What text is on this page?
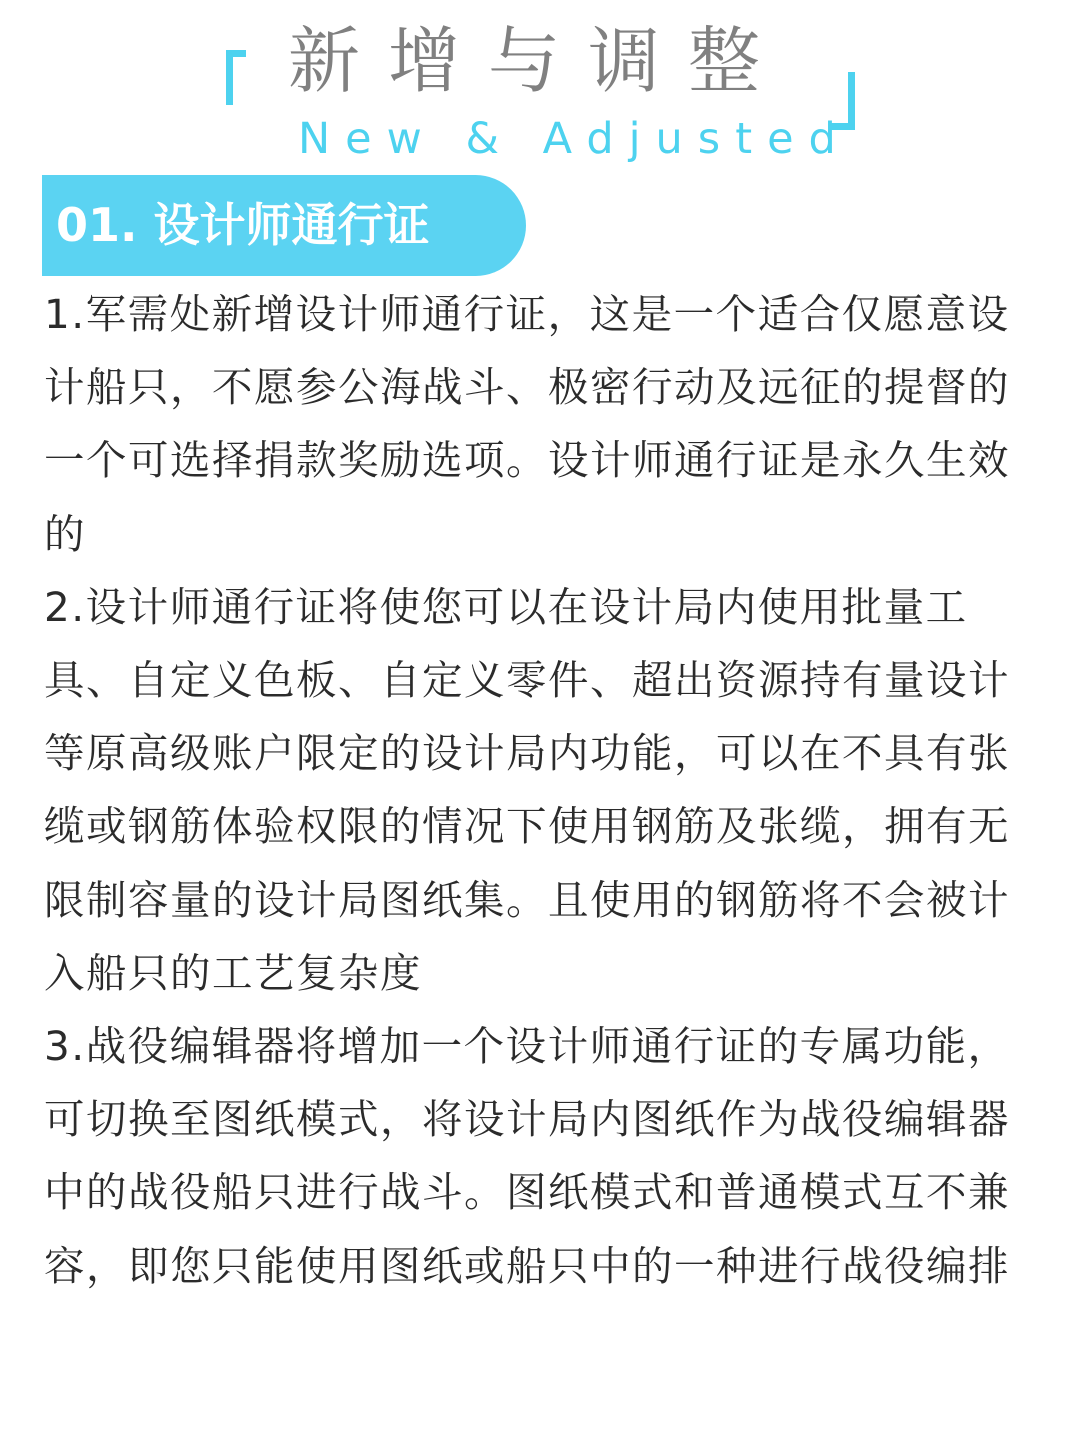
新增与调整
New & Adjusted
01. 设计师通行证

1.军需处新增设计师通行证，这是一个适合仅愿意设计船只，不愿参公海战斗、极密行动及远征的提督的一个可选择捐款奖励选项。设计师通行证是永久生效的

2.设计师通行证将使您可以在设计局内使用批量工具、自定义色板、自定义零件、超出资源持有量设计等原高级账户限定的设计局内功能，可以在不具有张缆或钢筋体验权限的情况下使用钢筋及张缆，拥有无限制容量的设计局图纸集。且使用的钢筋将不会被计入船只的工艺复杂度

3.战役编辑器将增加一个设计师通行证的专属功能，可切换至图纸模式，将设计局内图纸作为战役编辑器中的战役船只进行战斗。图纸模式和普通模式互不兼容，即您只能使用图纸或船只中的一种进行战役编排
